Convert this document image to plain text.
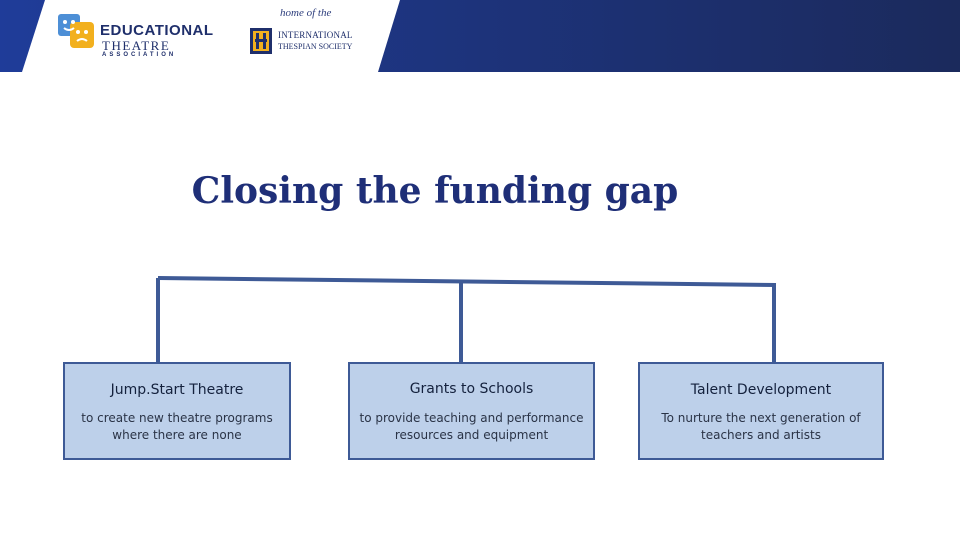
EDUCATIONAL
THEATRE
ASSOCIATION
home of the
INTERNATIONAL
THESPIAN SOCIETY
Closing the funding gap
Jump.Start Theatre
to create new theatre programs where there are none
Grants to Schools
to provide teaching and performance resources and equipment
Talent Development
To nurture the next generation of teachers and artists
